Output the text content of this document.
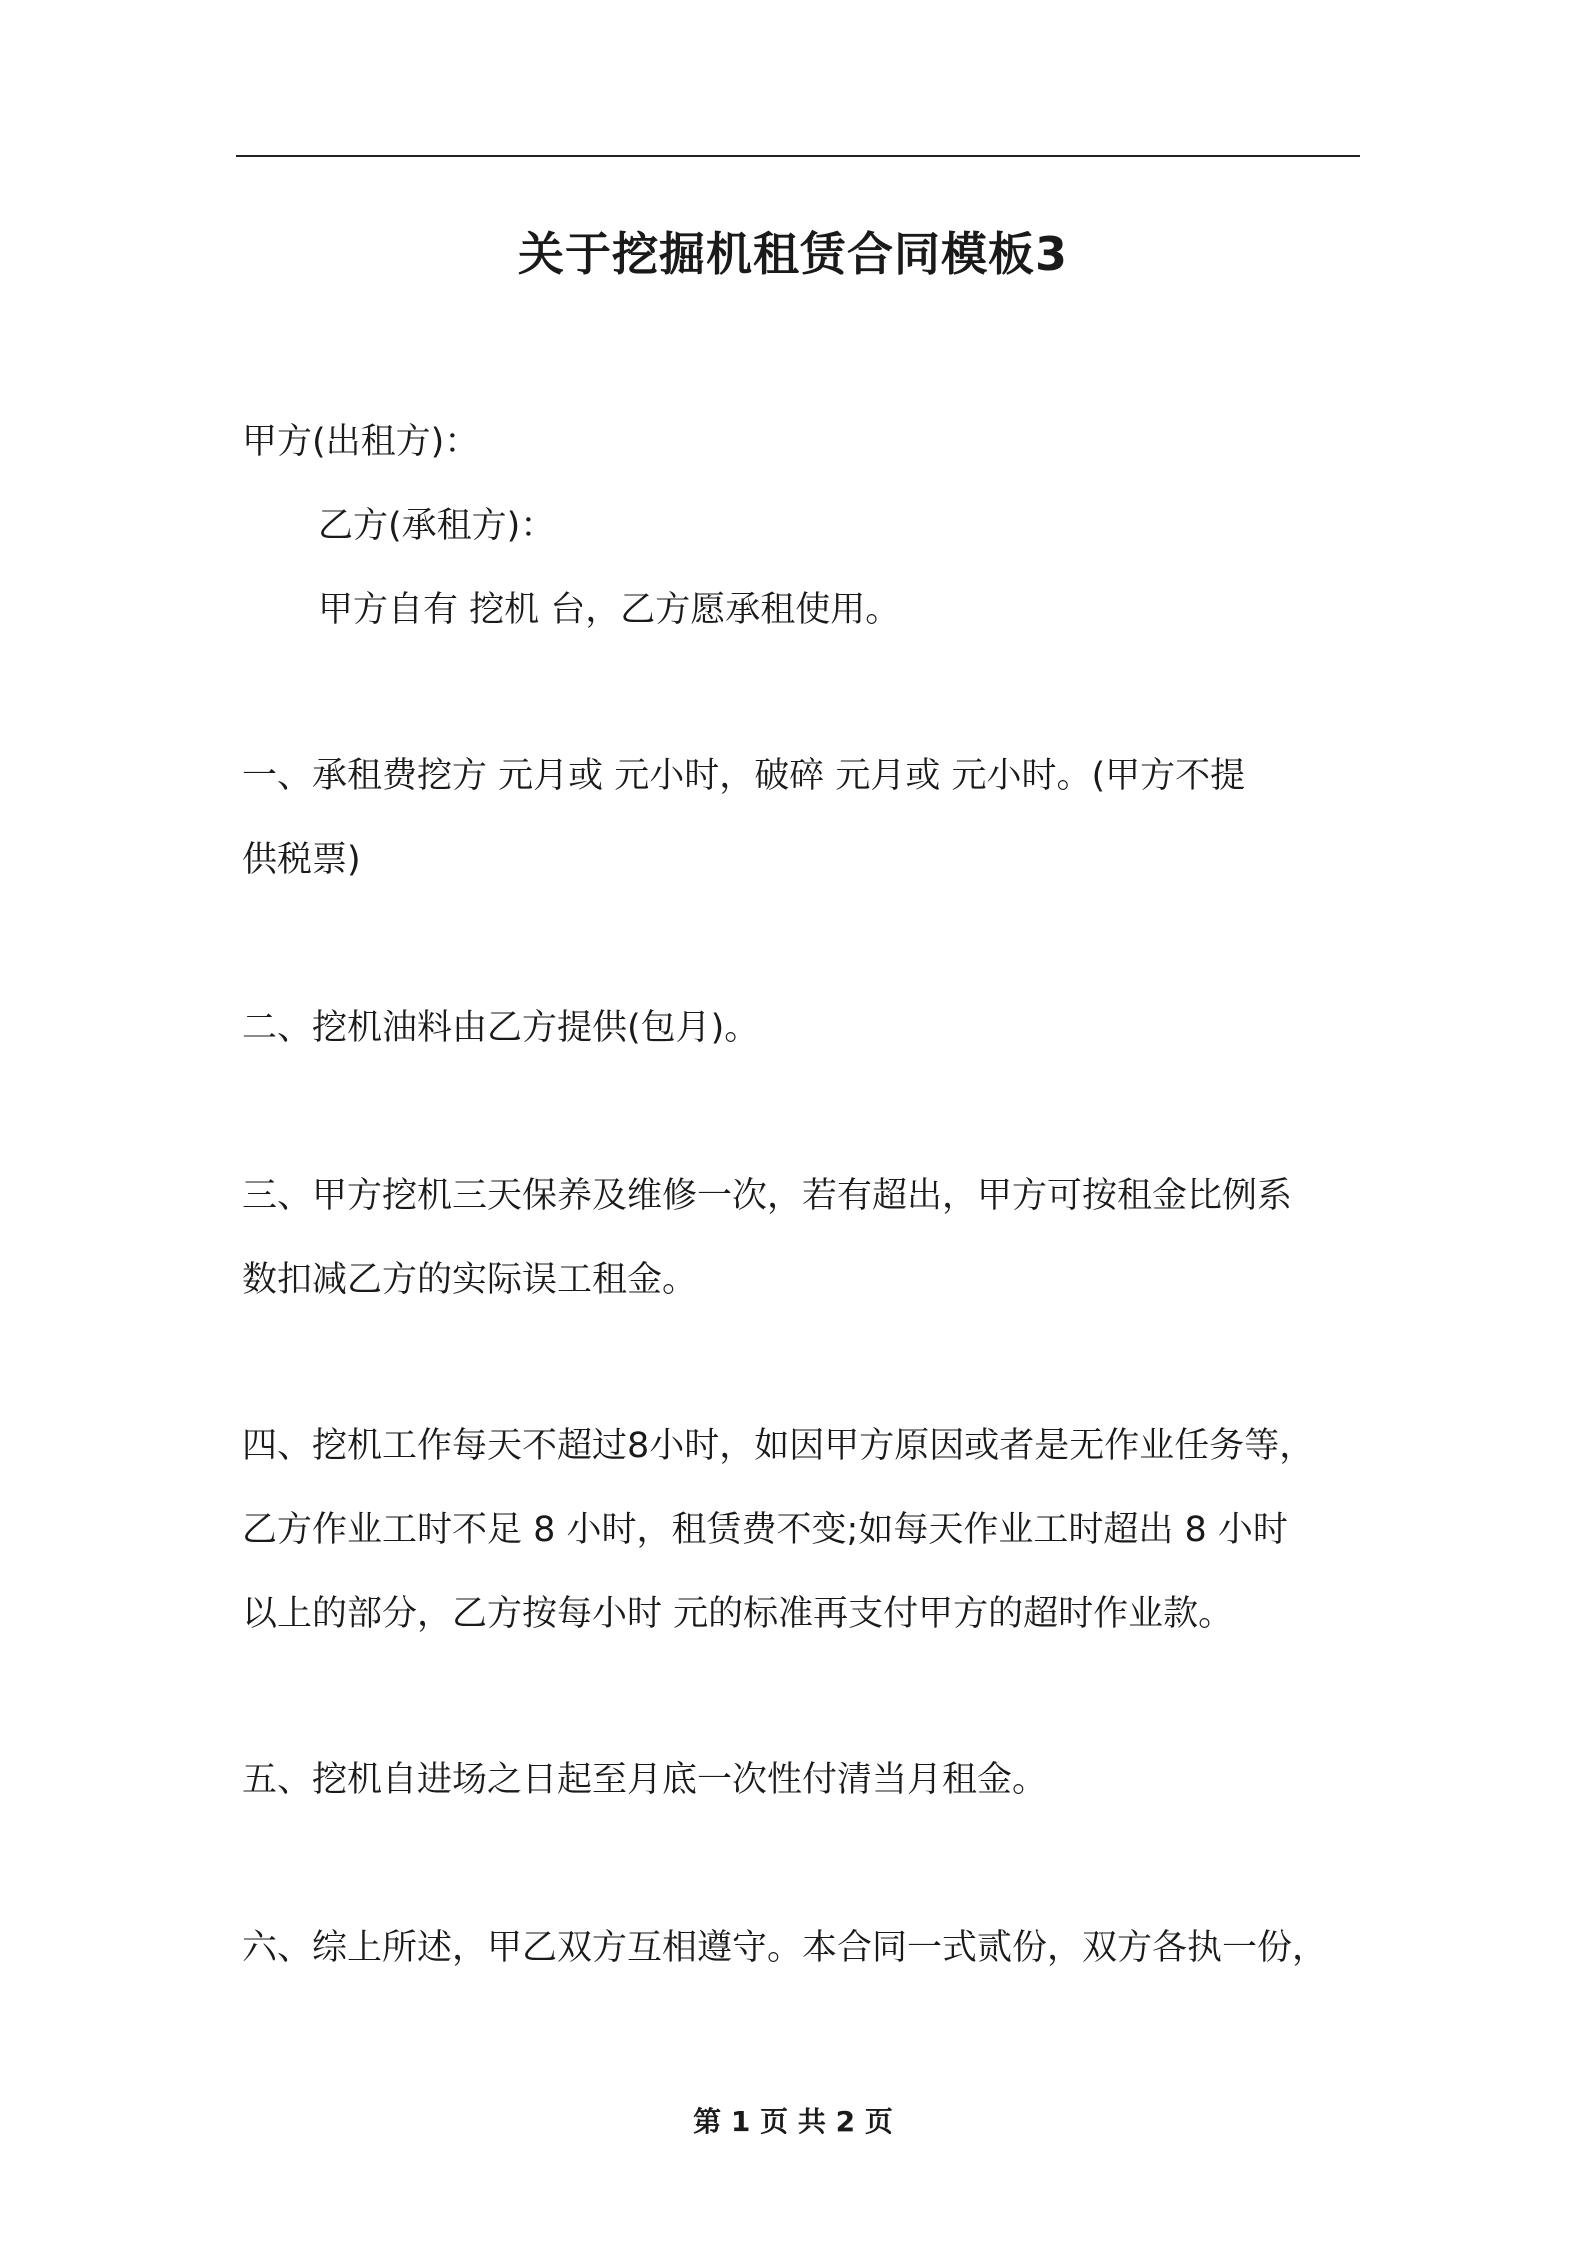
关于挖掘机租赁合同模板3

甲方(出租方)：

乙方(承租方)：

甲方自有 挖机 台，乙方愿承租使用。

一、承租费挖方 元月或 元小时，破碎 元月或 元小时。(甲方不提

供税票)

二、挖机油料由乙方提供(包月)。

三、甲方挖机三天保养及维修一次，若有超出，甲方可按租金比例系

数扣减乙方的实际误工租金。

四、挖机工作每天不超过8小时，如因甲方原因或者是无作业任务等，

乙方作业工时不足 8 小时，租赁费不变;如每天作业工时超出 8 小时

以上的部分，乙方按每小时 元的标准再支付甲方的超时作业款。

五、挖机自进场之日起至月底一次性付清当月租金。

六、综上所述，甲乙双方互相遵守。本合同一式贰份，双方各执一份，

第 1 页 共 2 页
